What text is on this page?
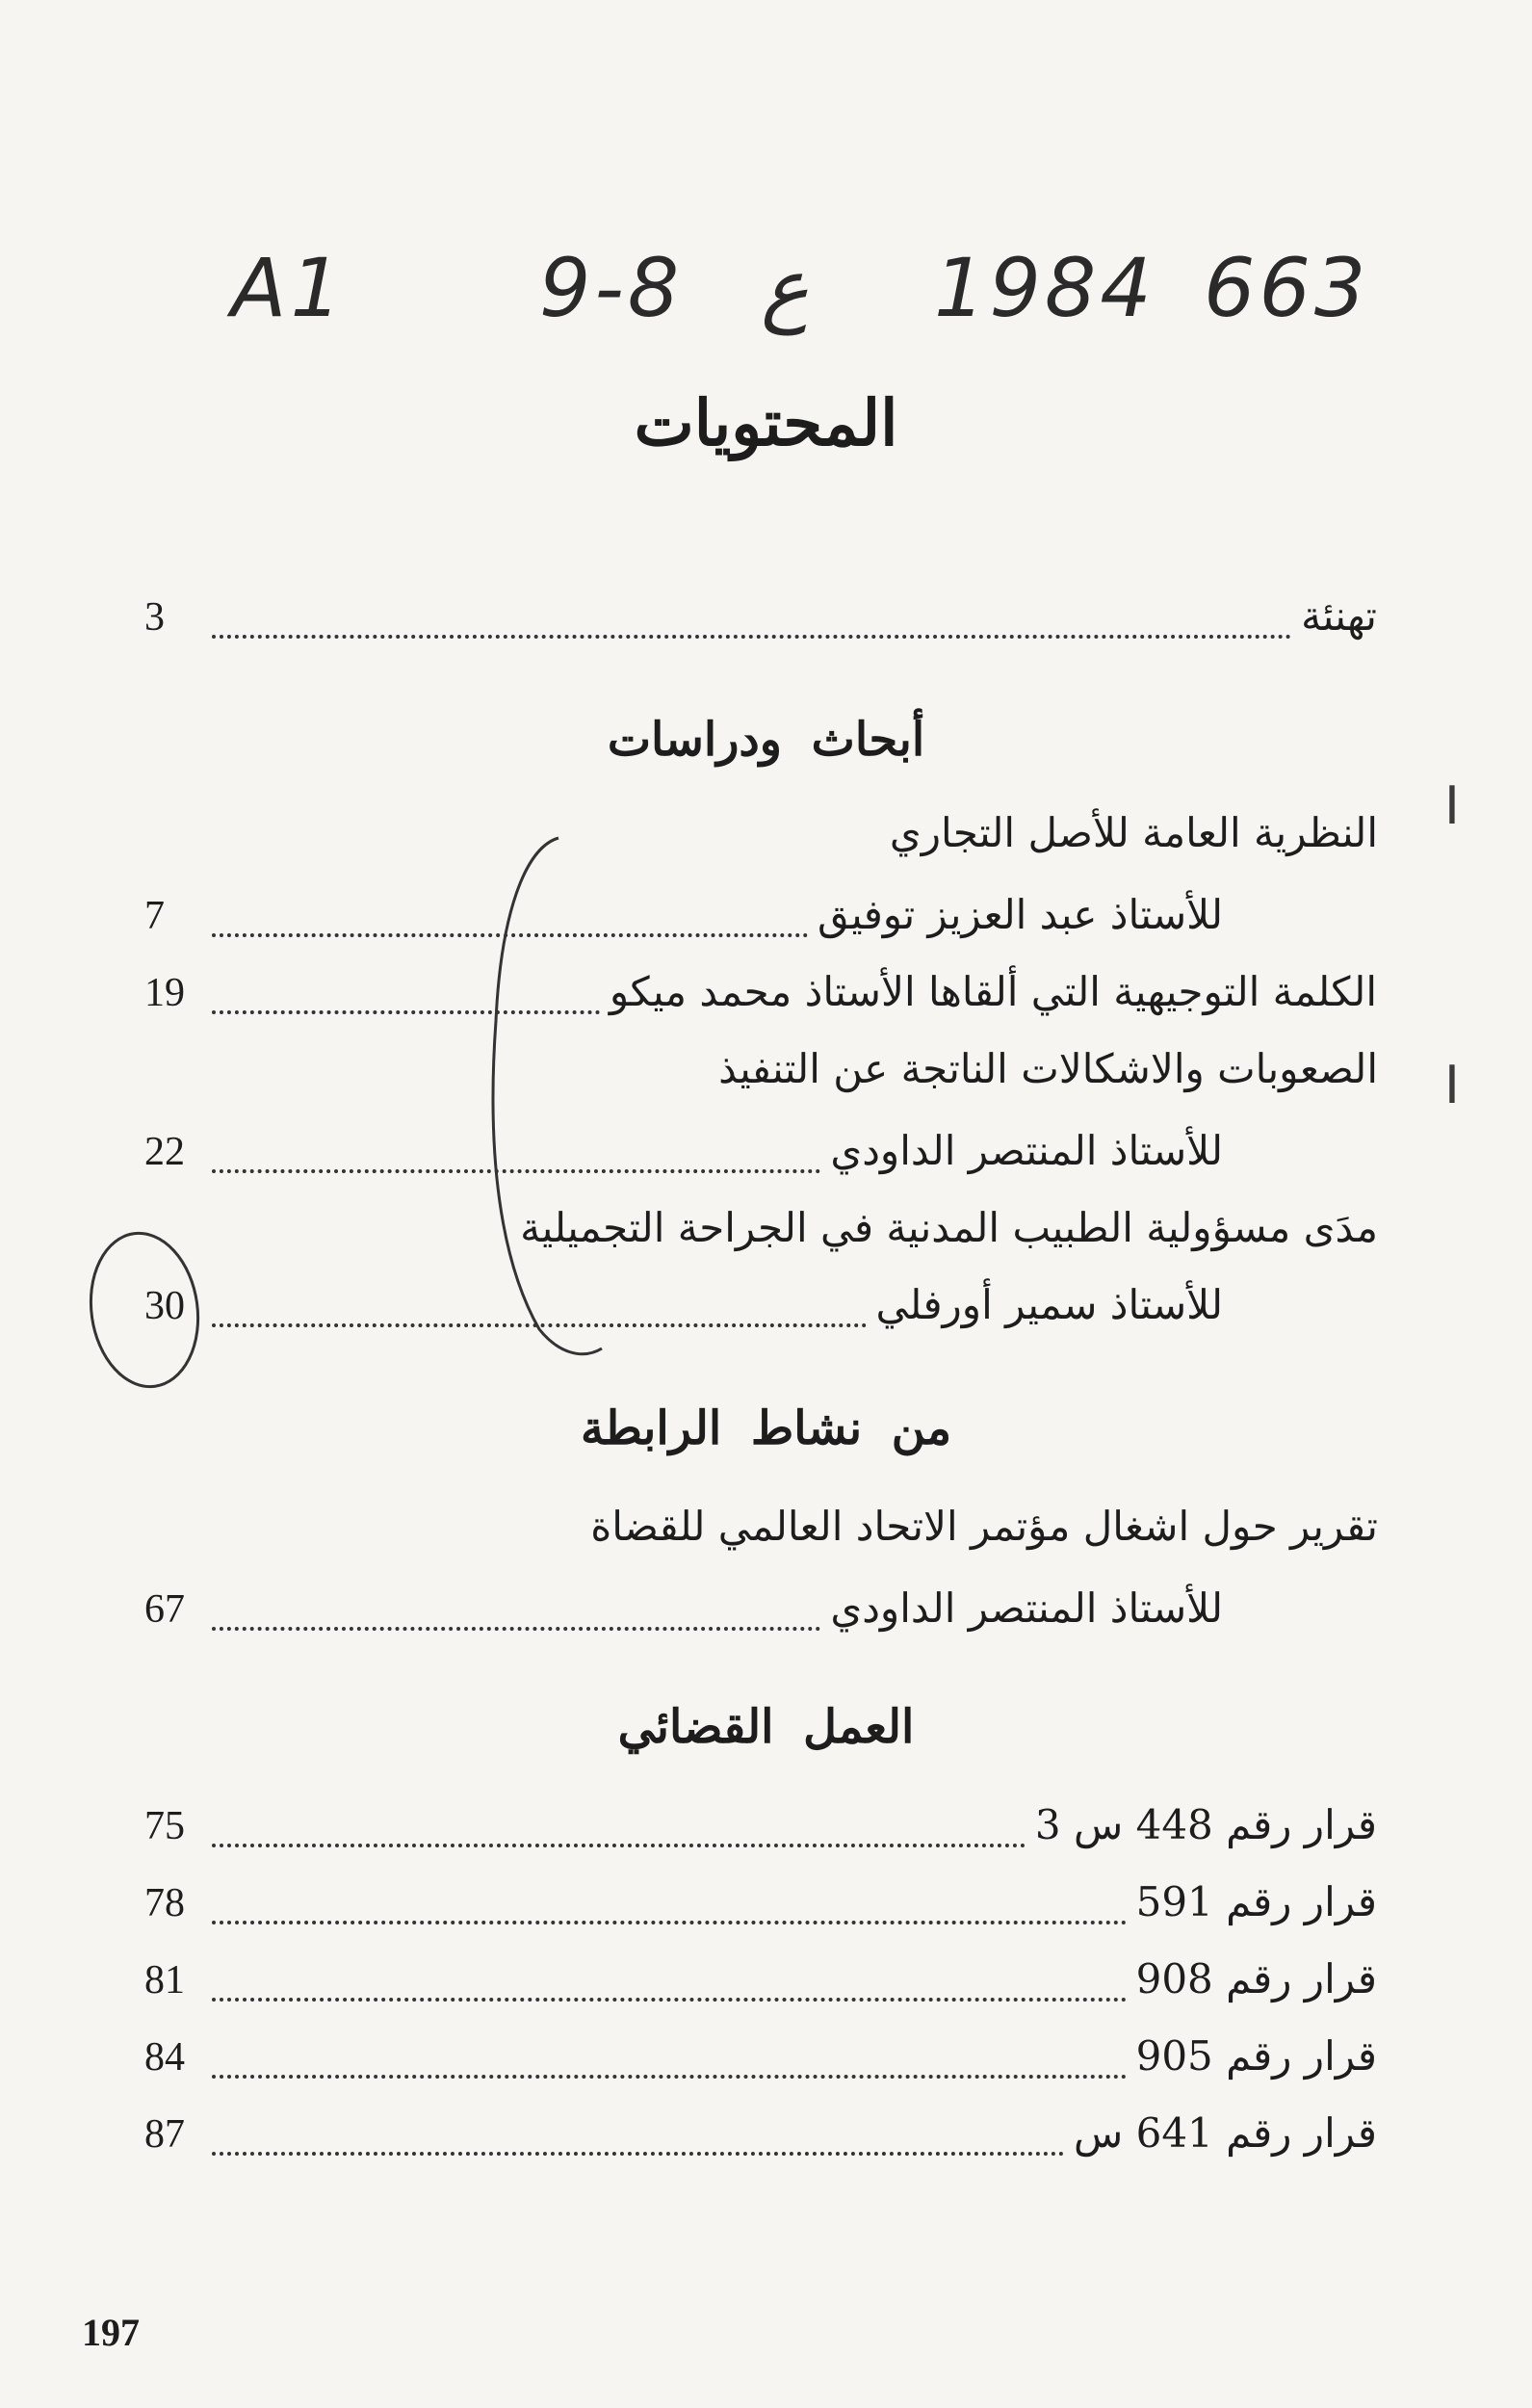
A1 9-8 ع 1984 663
المحتويات
تهنئة
3
أبحاث ودراسات
النظرية العامة للأصل التجاري
للأستاذ عبد العزيز توفيق
7
الكلمة التوجيهية التي ألقاها الأستاذ محمد ميكو
19
الصعوبات والاشكالات الناتجة عن التنفيذ
للأستاذ المنتصر الداودي
22
مدَى مسؤولية الطبيب المدنية في الجراحة التجميلية
للأستاذ سمير أورفلي
30
من نشاط الرابطة
تقرير حول اشغال مؤتمر الاتحاد العالمي للقضاة
للأستاذ المنتصر الداودي
67
العمل القضائي
قرار رقم 448 س 3
75
قرار رقم 591
78
قرار رقم 908
81
قرار رقم 905
84
قرار رقم 641 س
87
I
I
197
